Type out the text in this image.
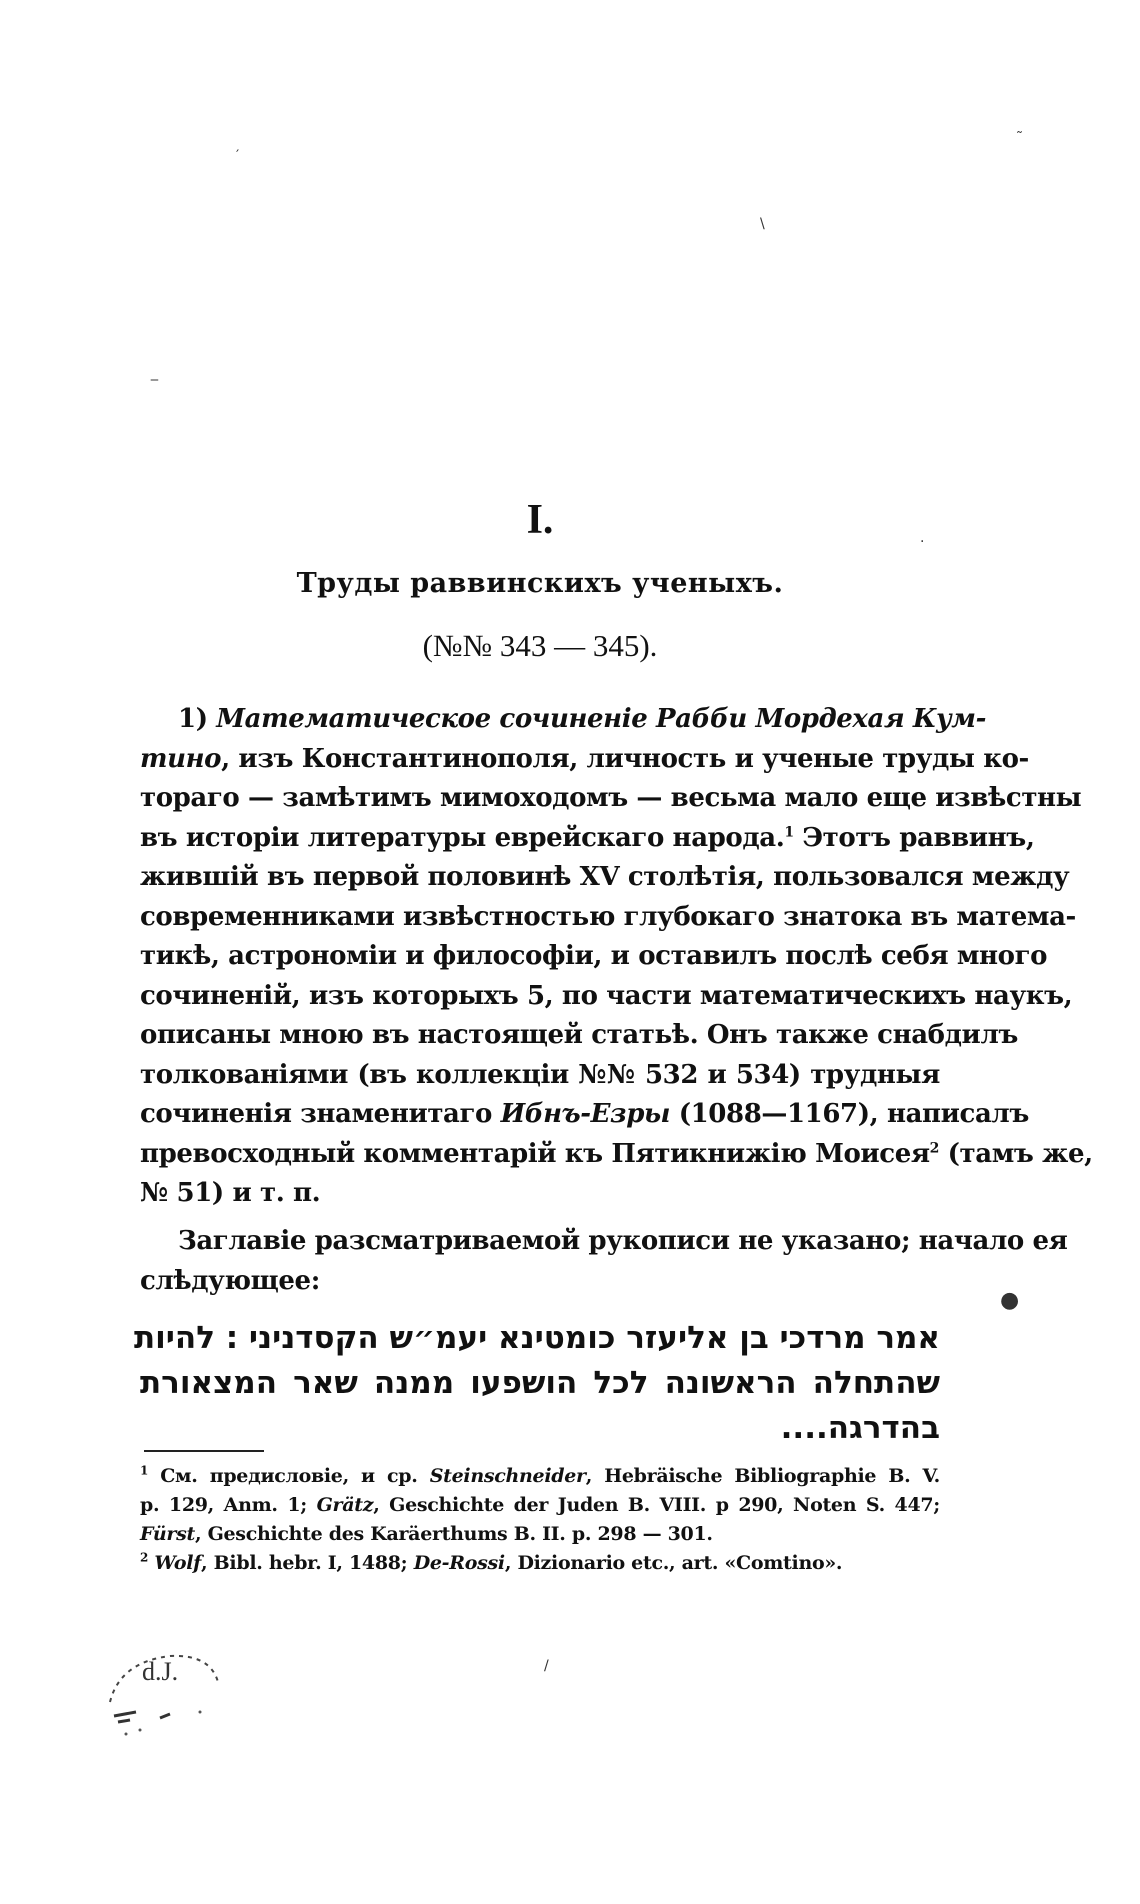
′
˜
\
‒
·
●
/
I.
Труды раввинскихъ ученыхъ.
(№№ 343 — 345).
1) Математическое сочиненіе Рабби Мордехая Кум-
тино, изъ Константинополя, личность и ученые труды ко-
тораго — замѣтимъ мимоходомъ — весьма мало еще извѣстны
въ исторіи литературы еврейскаго народа.$^1$ Этотъ раввинъ,
жившій въ первой половинѣ XV столѣтія, пользовался между
современниками извѣстностью глубокаго знатока въ матема-
тикѣ, астрономіи и философіи, и оставилъ послѣ себя много
сочиненій, изъ которыхъ 5, по части математическихъ наукъ,
описаны мною въ настоящей статьѣ. Онъ также снабдилъ
толкованіями (въ коллекціи №№ 532 и 534) трудныя
сочиненія знаменитаго Ибнъ-Езры (1088—1167), написалъ
превосходный комментарій къ Пятикнижію Моисея$^2$ (тамъ же,
№ 51) и т. п.
Заглавіе разсматриваемой рукописи не указано; начало ея
слѣдующее:
אמר מרדכי בן אליעזר כומטינא יעמ״ש הקסדניני : להיות
שהתחלה הראשונה לכל הושפעו ממנה שאר המצאורת
בהדרגה....
$^1$ См. предисловіе, и ср. Steinschneider, Hebräische Bibliographie B. V.
p. 129, Anm. 1; Grätz, Geschichte der Juden B. VIII. p 290, Noten S. 447;
Fürst, Geschichte des Karäerthums B. II. p. 298 — 301.
$^2$ Wolf, Bibl. hebr. I, 1488; De-Rossi, Dizionario etc., art. «Comtino».
d.J.
